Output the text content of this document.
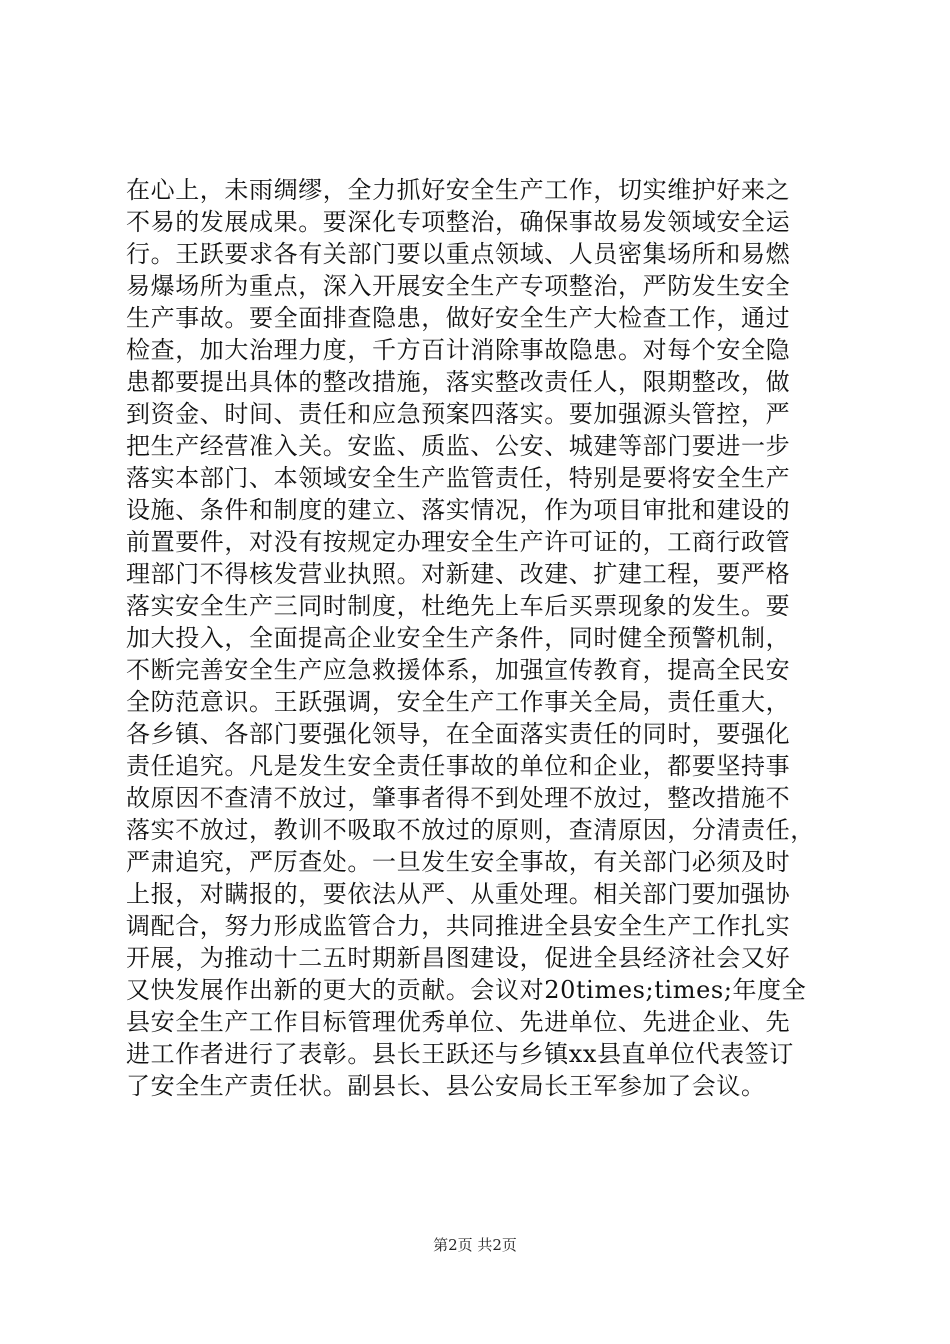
在心上，未雨绸缪，全力抓好安全生产工作，切实维护好来之
不易的发展成果。要深化专项整治，确保事故易发领域安全运
行。王跃要求各有关部门要以重点领域、人员密集场所和易燃
易爆场所为重点，深入开展安全生产专项整治，严防发生安全
生产事故。要全面排查隐患，做好安全生产大检查工作，通过
检查，加大治理力度，千方百计消除事故隐患。对每个安全隐
患都要提出具体的整改措施，落实整改责任人，限期整改，做
到资金、时间、责任和应急预案四落实。要加强源头管控，严
把生产经营准入关。安监、质监、公安、城建等部门要进一步
落实本部门、本领域安全生产监管责任，特别是要将安全生产
设施、条件和制度的建立、落实情况，作为项目审批和建设的
前置要件，对没有按规定办理安全生产许可证的，工商行政管
理部门不得核发营业执照。对新建、改建、扩建工程，要严格
落实安全生产三同时制度，杜绝先上车后买票现象的发生。要
加大投入，全面提高企业安全生产条件，同时健全预警机制，
不断完善安全生产应急救援体系，加强宣传教育，提高全民安
全防范意识。王跃强调，安全生产工作事关全局，责任重大，
各乡镇、各部门要强化领导，在全面落实责任的同时，要强化
责任追究。凡是发生安全责任事故的单位和企业，都要坚持事
故原因不查清不放过，肇事者得不到处理不放过，整改措施不
落实不放过，教训不吸取不放过的原则，查清原因，分清责任，
严肃追究，严厉查处。一旦发生安全事故，有关部门必须及时
上报，对瞒报的，要依法从严、从重处理。相关部门要加强协
调配合，努力形成监管合力，共同推进全县安全生产工作扎实
开展，为推动十二五时期新昌图建设，促进全县经济社会又好
又快发展作出新的更大的贡献。会议对20times;times;年度全
县安全生产工作目标管理优秀单位、先进单位、先进企业、先
进工作者进行了表彰。县长王跃还与乡镇xx县直单位代表签订
了安全生产责任状。副县长、县公安局长王军参加了会议。
第2页 共2页
